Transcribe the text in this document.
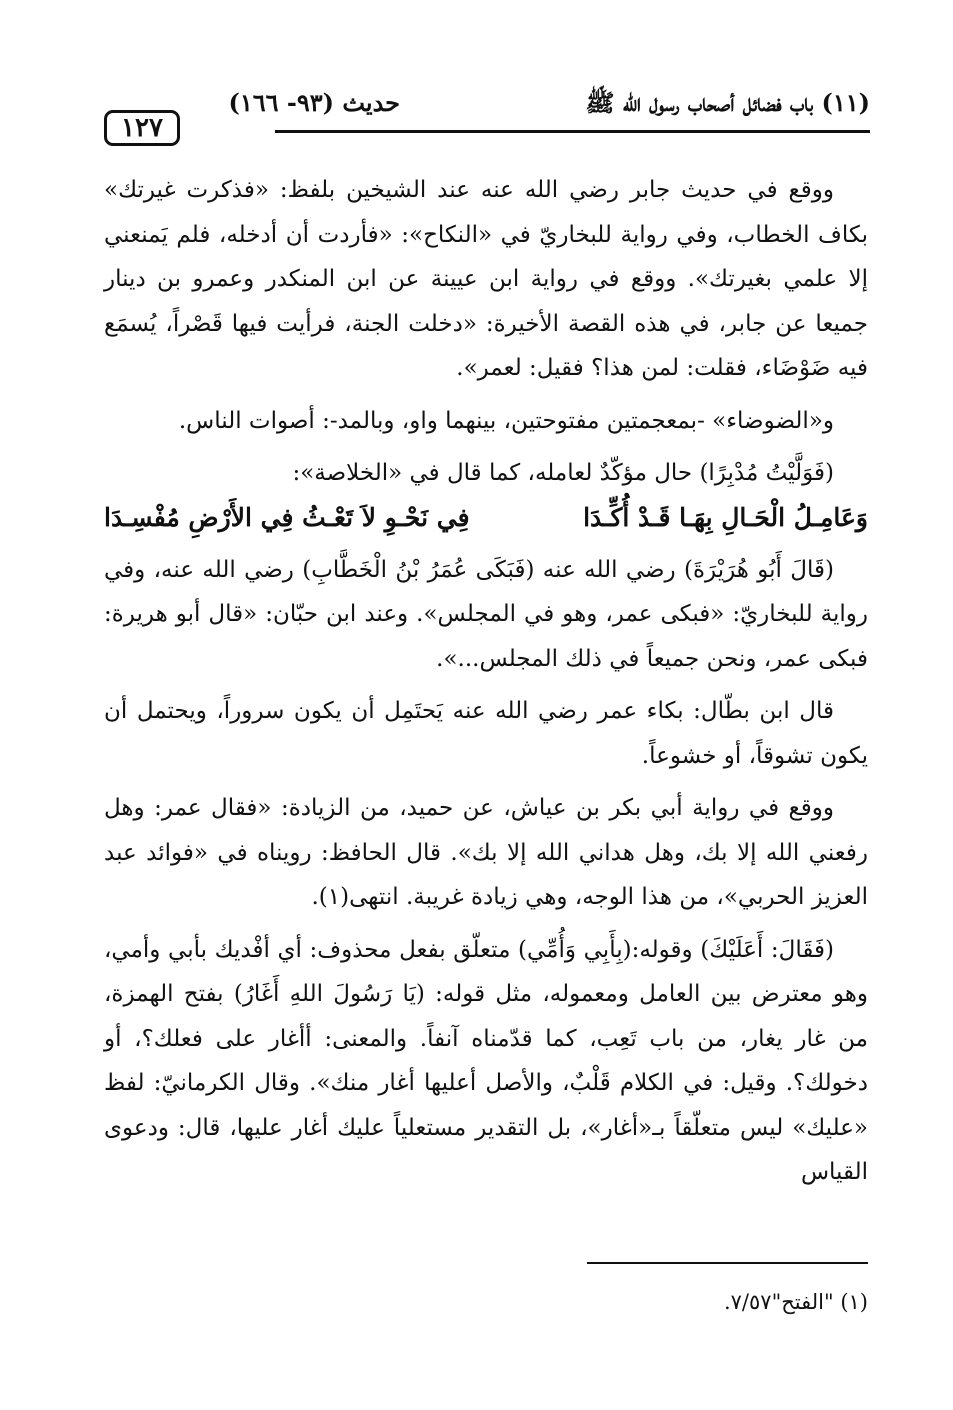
(١١) باب فضائل أصحاب رسول الله ﷺ
حديث (٩٣- ١٦٦)
١٢٧

ووقع في حديث جابر رضي الله عنه عند الشيخين بلفظ: «فذكرت غيرتك» بكاف الخطاب، وفي رواية للبخاريّ في «النكاح»: «فأردت أن أدخله، فلم يَمنعني إلا علمي بغيرتك». ووقع في رواية ابن عيينة عن ابن المنكدر وعمرو بن دينار جميعا عن جابر، في هذه القصة الأخيرة: «دخلت الجنة، فرأيت فيها قَصْراً، يُسمَع فيه ضَوْضَاء، فقلت: لمن هذا؟ فقيل: لعمر».

و«الضوضاء» -بمعجمتين مفتوحتين، بينهما واو، وبالمد-: أصوات الناس.

(فَوَلَّيْتُ مُدْبِرًا) حال مؤكّدٌ لعامله، كما قال في «الخلاصة»:

وَعَامِـلُ الْحَـالِ بِهَـا قَـدْ أُكِّـدَا
فِي نَحْـوِ لاَ تَعْـثُ فِي الأَرْضِ مُفْسِـدَا

(قَالَ أَبُو هُرَيْرَةَ) رضي الله عنه (فَبَكَى عُمَرُ بْنُ الْخَطَّابِ) رضي الله عنه، وفي رواية للبخاريّ: «فبكى عمر، وهو في المجلس». وعند ابن حبّان: «قال أبو هريرة: فبكى عمر، ونحن جميعاً في ذلك المجلس...».

قال ابن بطّال: بكاء عمر رضي الله عنه يَحتَمِل أن يكون سروراً، ويحتمل أن يكون تشوقاً، أو خشوعاً.

ووقع في رواية أبي بكر بن عياش، عن حميد، من الزيادة: «فقال عمر: وهل رفعني الله إلا بك، وهل هداني الله إلا بك». قال الحافظ: رويناه في «فوائد عبد العزيز الحربي»، من هذا الوجه، وهي زيادة غريبة. انتهى(١).

(فَقَالَ: أَعَلَيْكَ) وقوله:(بِأَبِي وَأُمِّي) متعلّق بفعل محذوف: أي أفْديك بأبي وأمي، وهو معترض بين العامل ومعموله، مثل قوله: (يَا رَسُولَ اللهِ أَغَارُ) بفتح الهمزة، من غار يغار، من باب تَعِب، كما قدّمناه آنفاً. والمعنى: أأغار على فعلك؟، أو دخولك؟. وقيل: في الكلام قَلْبٌ، والأصل أعليها أغار منك». وقال الكرمانيّ: لفظ «عليك» ليس متعلّقاً بـ«أغار»، بل التقدير مستعلياً عليك أغار عليها، قال: ودعوى القياس

(١) "الفتح"٧/٥٧.
